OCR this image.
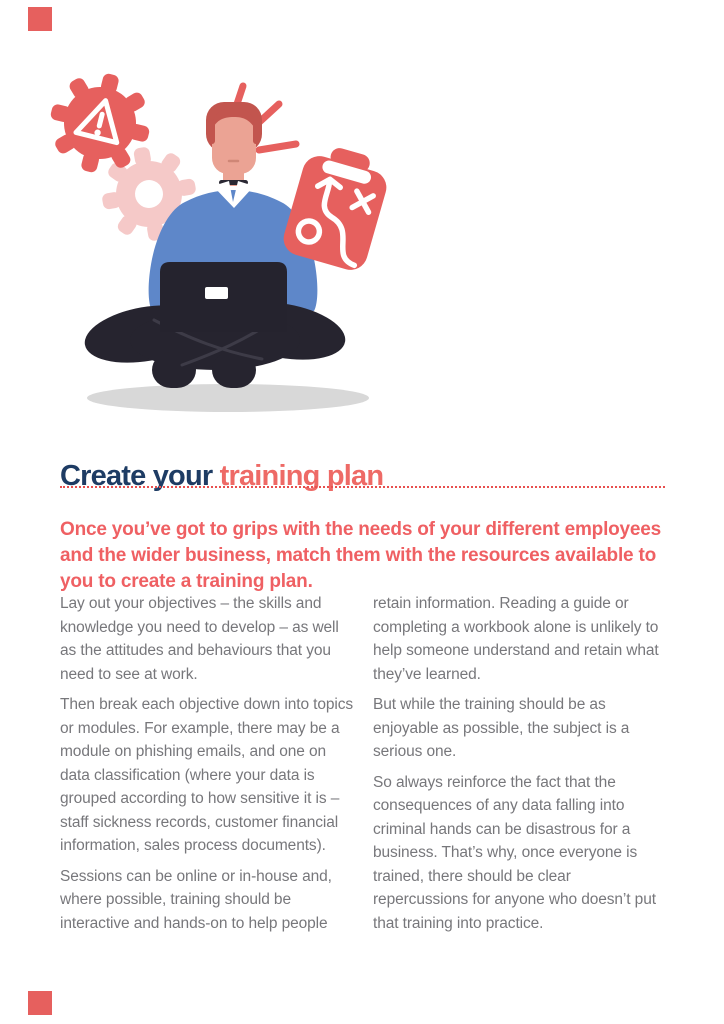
Create your training plan

Once you’ve got to grips with the needs of your different employees and the wider business, match them with the resources available to you to create a training plan.

Lay out your objectives – the skills and knowledge you need to develop – as well as the attitudes and behaviours that you need to see at work.

Then break each objective down into topics or modules. For example, there may be a module on phishing emails, and one on data classification (where your data is grouped according to how sensitive it is – staff sickness records, customer financial information, sales process documents).

Sessions can be online or in-house and, where possible, training should be interactive and hands-on to help people

retain information. Reading a guide or completing a workbook alone is unlikely to help someone understand and retain what they’ve learned.

But while the training should be as enjoyable as possible, the subject is a serious one.

So always reinforce the fact that the consequences of any data falling into criminal hands can be disastrous for a business. That’s why, once everyone is trained, there should be clear repercussions for anyone who doesn’t put that training into practice.
